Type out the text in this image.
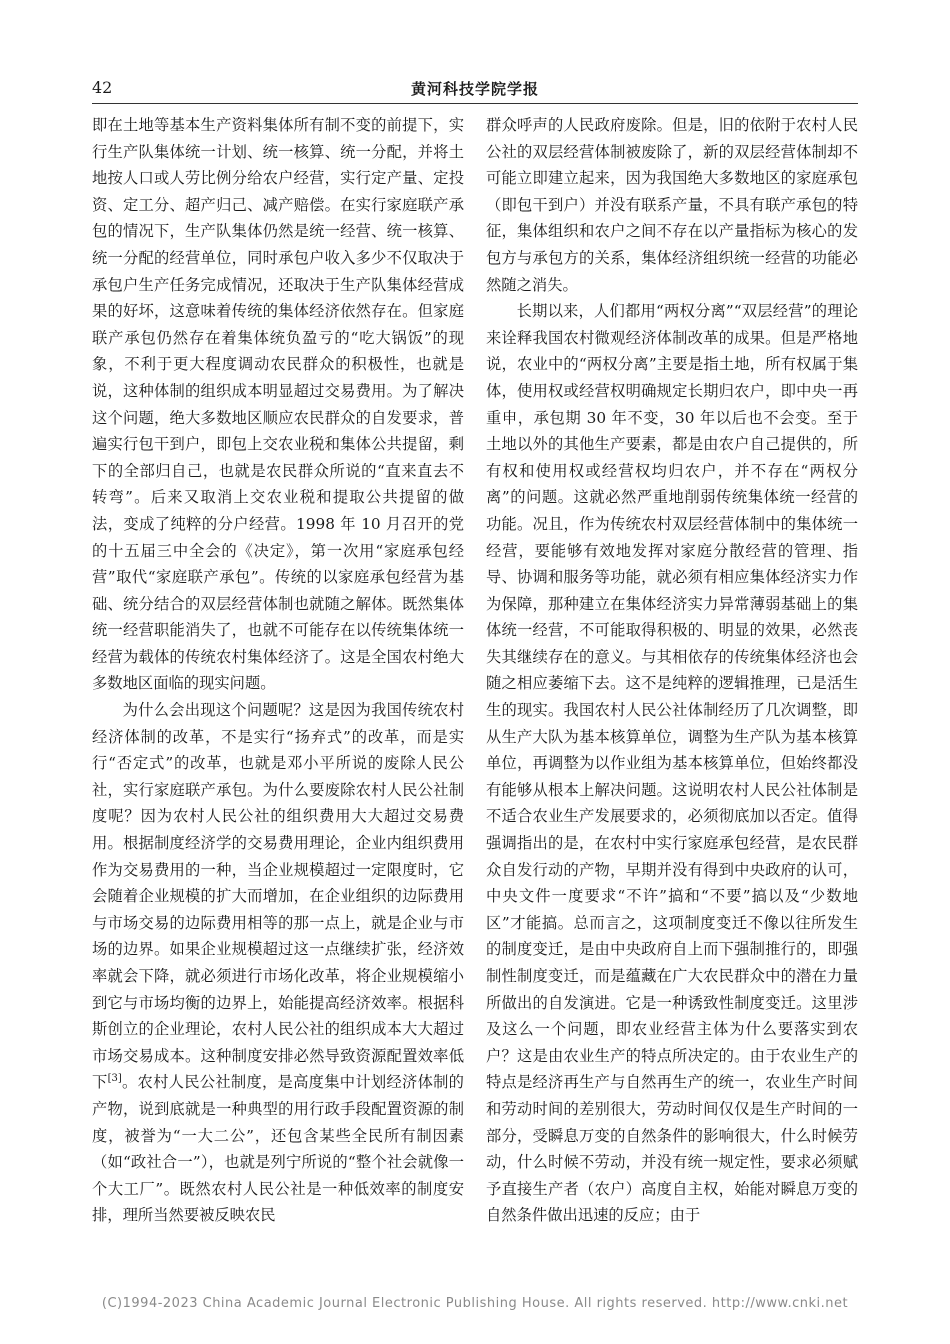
42	黄河科技学院学报

即在土地等基本生产资料集体所有制不变的前提下，实行生产队集体统一计划、统一核算、统一分配，并将土地按人口或人劳比例分给农户经营，实行定产量、定投资、定工分、超产归己、减产赔偿。在实行家庭联产承包的情况下，生产队集体仍然是统一经营、统一核算、统一分配的经营单位，同时承包户收入多少不仅取决于承包户生产任务完成情况，还取决于生产队集体经营成果的好坏，这意味着传统的集体经济依然存在。但家庭联产承包仍然存在着集体统负盈亏的“吃大锅饭”的现象，不利于更大程度调动农民群众的积极性，也就是说，这种体制的组织成本明显超过交易费用。为了解决这个问题，绝大多数地区顺应农民群众的自发要求，普遍实行包干到户，即包上交农业税和集体公共提留，剩下的全部归自己，也就是农民群众所说的“直来直去不转弯”。后来又取消上交农业税和提取公共提留的做法，变成了纯粹的分户经营。1998 年 10 月召开的党的十五届三中全会的《决定》，第一次用“家庭承包经营”取代“家庭联产承包”。传统的以家庭承包经营为基础、统分结合的双层经营体制也就随之解体。既然集体统一经营职能消失了，也就不可能存在以传统集体统一经营为载体的传统农村集体经济了。这是全国农村绝大多数地区面临的现实问题。

为什么会出现这个问题呢？这是因为我国传统农村经济体制的改革，不是实行“扬弃式”的改革，而是实行“否定式”的改革，也就是邓小平所说的废除人民公社，实行家庭联产承包。为什么要废除农村人民公社制度呢？因为农村人民公社的组织费用大大超过交易费用。根据制度经济学的交易费用理论，企业内组织费用作为交易费用的一种，当企业规模超过一定限度时，它会随着企业规模的扩大而增加，在企业组织的边际费用与市场交易的边际费用相等的那一点上，就是企业与市场的边界。如果企业规模超过这一点继续扩张，经济效率就会下降，就必须进行市场化改革，将企业规模缩小到它与市场均衡的边界上，始能提高经济效率。根据科斯创立的企业理论，农村人民公社的组织成本大大超过市场交易成本。这种制度安排必然导致资源配置效率低下[3]。农村人民公社制度，是高度集中计划经济体制的产物，说到底就是一种典型的用行政手段配置资源的制度，被誉为“一大二公”，还包含某些全民所有制因素（如“政社合一”），也就是列宁所说的“整个社会就像一个大工厂”。既然农村人民公社是一种低效率的制度安排，理所当然要被反映农民

群众呼声的人民政府废除。但是，旧的依附于农村人民公社的双层经营体制被废除了，新的双层经营体制却不可能立即建立起来，因为我国绝大多数地区的家庭承包（即包干到户）并没有联系产量，不具有联产承包的特征，集体组织和农户之间不存在以产量指标为核心的发包方与承包方的关系，集体经济组织统一经营的功能必然随之消失。

长期以来，人们都用“两权分离”“双层经营”的理论来诠释我国农村微观经济体制改革的成果。但是严格地说，农业中的“两权分离”主要是指土地，所有权属于集体，使用权或经营权明确规定长期归农户，即中央一再重申，承包期 30 年不变，30 年以后也不会变。至于土地以外的其他生产要素，都是由农户自己提供的，所有权和使用权或经营权均归农户，并不存在“两权分离”的问题。这就必然严重地削弱传统集体统一经营的功能。况且，作为传统农村双层经营体制中的集体统一经营，要能够有效地发挥对家庭分散经营的管理、指导、协调和服务等功能，就必须有相应集体经济实力作为保障，那种建立在集体经济实力异常薄弱基础上的集体统一经营，不可能取得积极的、明显的效果，必然丧失其继续存在的意义。与其相依存的传统集体经济也会随之相应萎缩下去。这不是纯粹的逻辑推理，已是活生生的现实。我国农村人民公社体制经历了几次调整，即从生产大队为基本核算单位，调整为生产队为基本核算单位，再调整为以作业组为基本核算单位，但始终都没有能够从根本上解决问题。这说明农村人民公社体制是不适合农业生产发展要求的，必须彻底加以否定。值得强调指出的是，在农村中实行家庭承包经营，是农民群众自发行动的产物，早期并没有得到中央政府的认可，中央文件一度要求“不许”搞和“不要”搞以及“少数地区”才能搞。总而言之，这项制度变迁不像以往所发生的制度变迁，是由中央政府自上而下强制推行的，即强制性制度变迁，而是蕴藏在广大农民群众中的潜在力量所做出的自发演进。它是一种诱致性制度变迁。这里涉及这么一个问题，即农业经营主体为什么要落实到农户？这是由农业生产的特点所决定的。由于农业生产的特点是经济再生产与自然再生产的统一，农业生产时间和劳动时间的差别很大，劳动时间仅仅是生产时间的一部分，受瞬息万变的自然条件的影响很大，什么时候劳动，什么时候不劳动，并没有统一规定性，要求必须赋予直接生产者（农户）高度自主权，始能对瞬息万变的自然条件做出迅速的反应；由于

(C)1994-2023 China Academic Journal Electronic Publishing House. All rights reserved. http://www.cnki.net
